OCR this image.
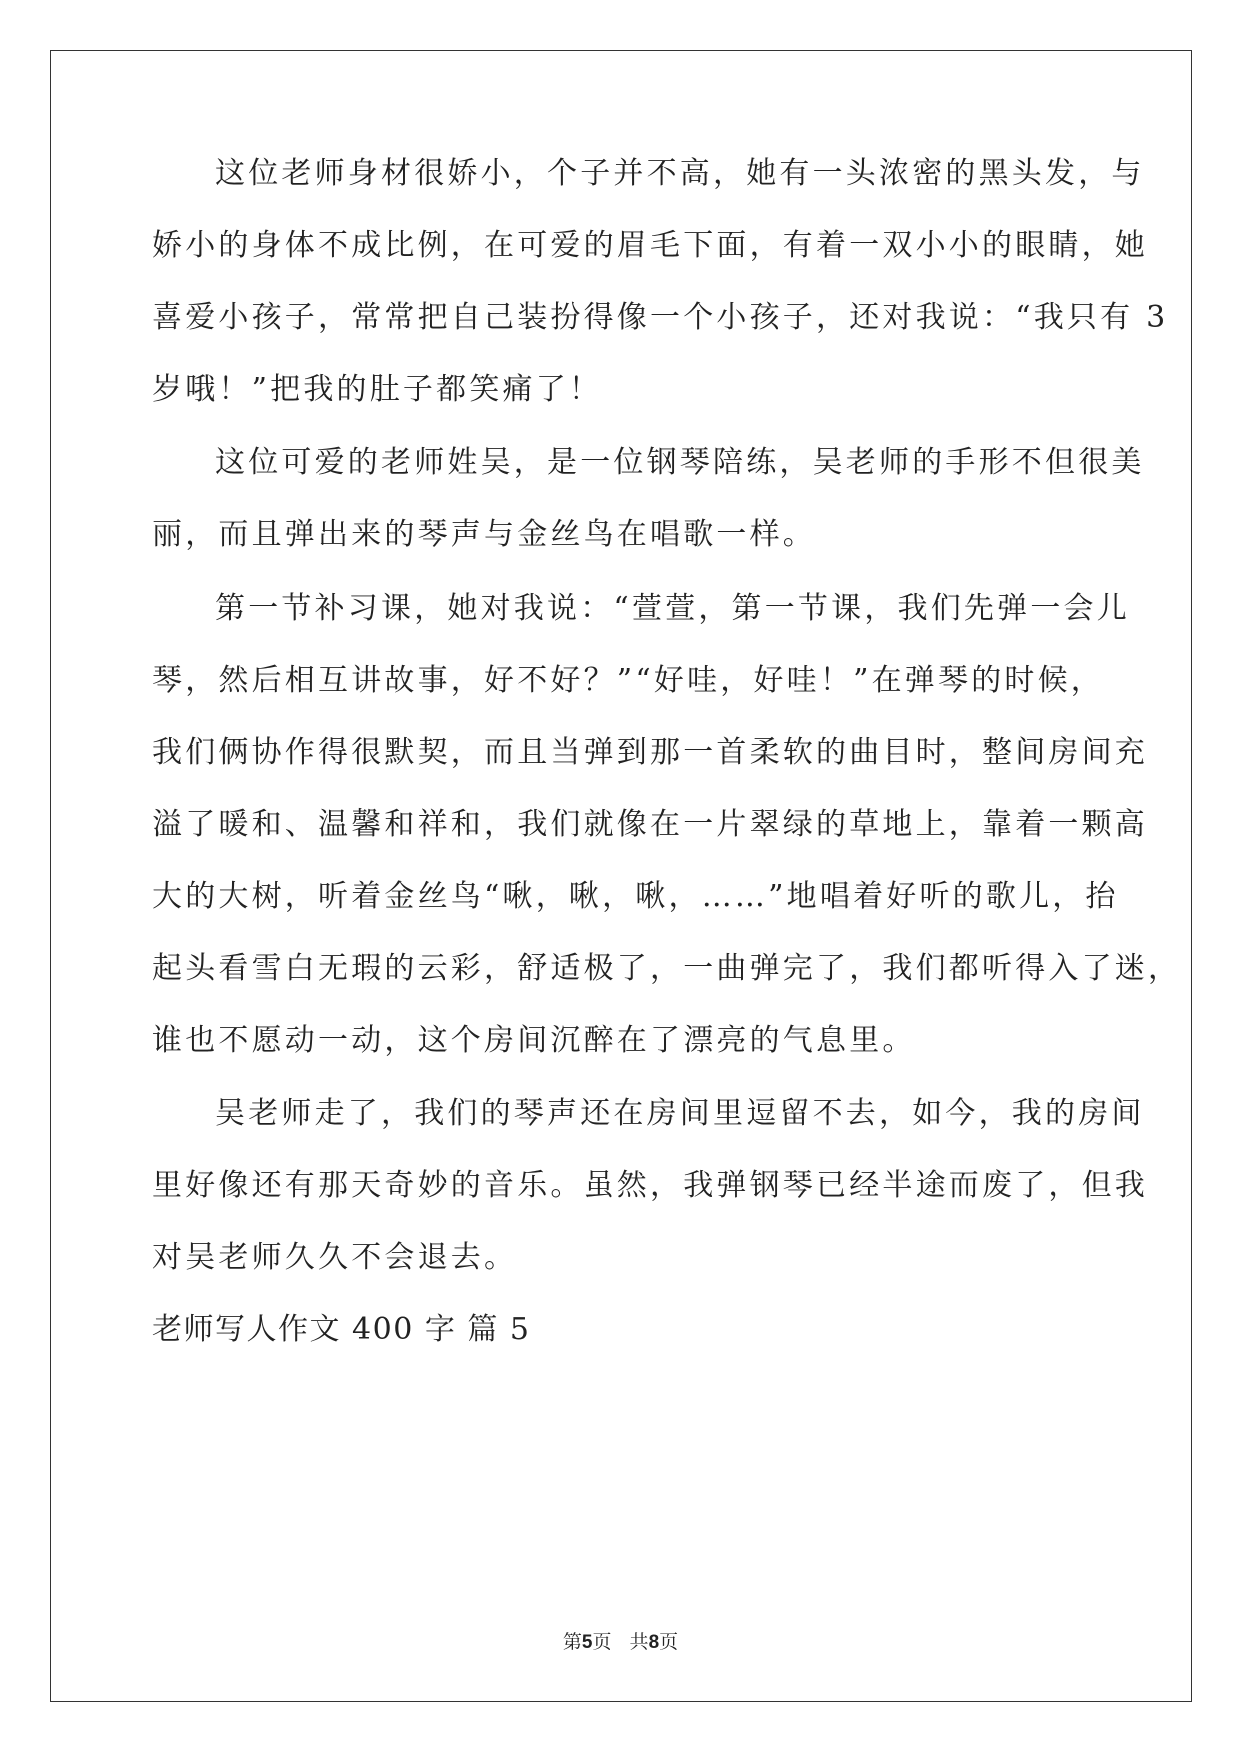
这位老师身材很娇小，个子并不高，她有一头浓密的黑头发，与
娇小的身体不成比例，在可爱的眉毛下面，有着一双小小的眼睛，她
喜爱小孩子，常常把自己装扮得像一个小孩子，还对我说：“我只有 3
岁哦！”把我的肚子都笑痛了！
这位可爱的老师姓吴，是一位钢琴陪练，吴老师的手形不但很美
丽，而且弹出来的琴声与金丝鸟在唱歌一样。
第一节补习课，她对我说：“萱萱，第一节课，我们先弹一会儿
琴，然后相互讲故事，好不好？”“好哇，好哇！”在弹琴的时候，
我们俩协作得很默契，而且当弹到那一首柔软的曲目时，整间房间充
溢了暖和、温馨和祥和，我们就像在一片翠绿的草地上，靠着一颗高
大的大树，听着金丝鸟“啾，啾，啾，……”地唱着好听的歌儿，抬
起头看雪白无瑕的云彩，舒适极了，一曲弹完了，我们都听得入了迷，
谁也不愿动一动，这个房间沉醉在了漂亮的气息里。
吴老师走了，我们的琴声还在房间里逗留不去，如今，我的房间
里好像还有那天奇妙的音乐。虽然，我弹钢琴已经半途而废了，但我
对吴老师久久不会退去。
老师写人作文 400 字 篇 5
第5页   共8页
